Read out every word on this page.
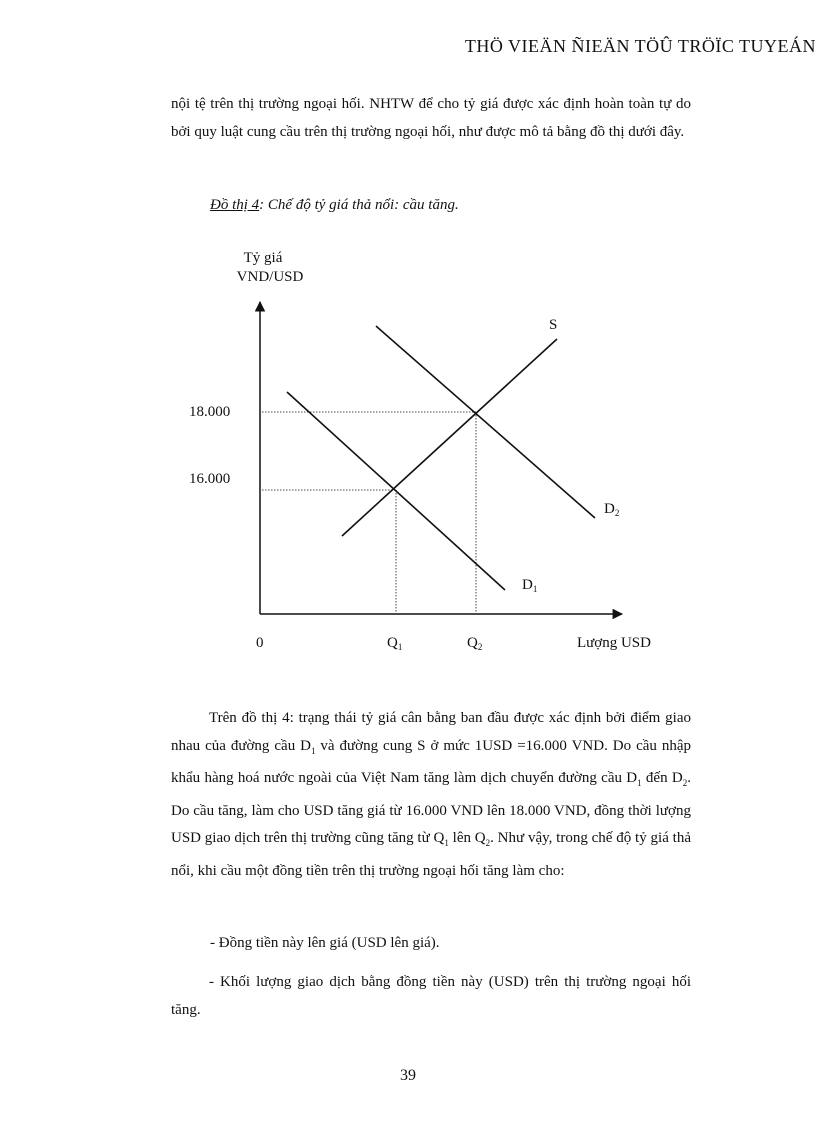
THÖ VIEÄN ÑIEÄN TÖÛ TRÖÏC TUYEÁN

nội tệ trên thị trường ngoại hối. NHTW để cho tỷ giá được xác định hoàn toàn tự do bởi quy luật cung cầu trên thị trường ngoại hối, như được mô tả bằng đồ thị dưới đây.

Đồ thị 4: Chế độ tỷ giá thả nổi: cầu tăng.
Tỷ giá
VND/USD
18.000
16.000
0	$Q_1$	$Q_2$	Lượng USD
S
$D_2$
$D_1$

Trên đồ thị 4: trạng thái tỷ giá cân bằng ban đầu được xác định bởi điểm giao nhau của đường cầu $D_1$ và đường cung S ở mức 1USD =16.000 VND. Do cầu nhập khẩu hàng hoá nước ngoài của Việt Nam tăng làm dịch chuyển đường cầu $D_1$ đến $D_2$. Do cầu tăng, làm cho USD tăng giá từ 16.000 VND lên 18.000 VND, đồng thời lượng USD giao dịch trên thị trường cũng tăng từ $Q_1$ lên $Q_2$. Như vậy, trong chế độ tỷ giá thả nổi, khi cầu một đồng tiền trên thị trường ngoại hối tăng làm cho:

- Đồng tiền này lên giá (USD lên giá).

- Khối lượng giao dịch bằng đồng tiền này (USD) trên thị trường ngoại hối tăng.

39
